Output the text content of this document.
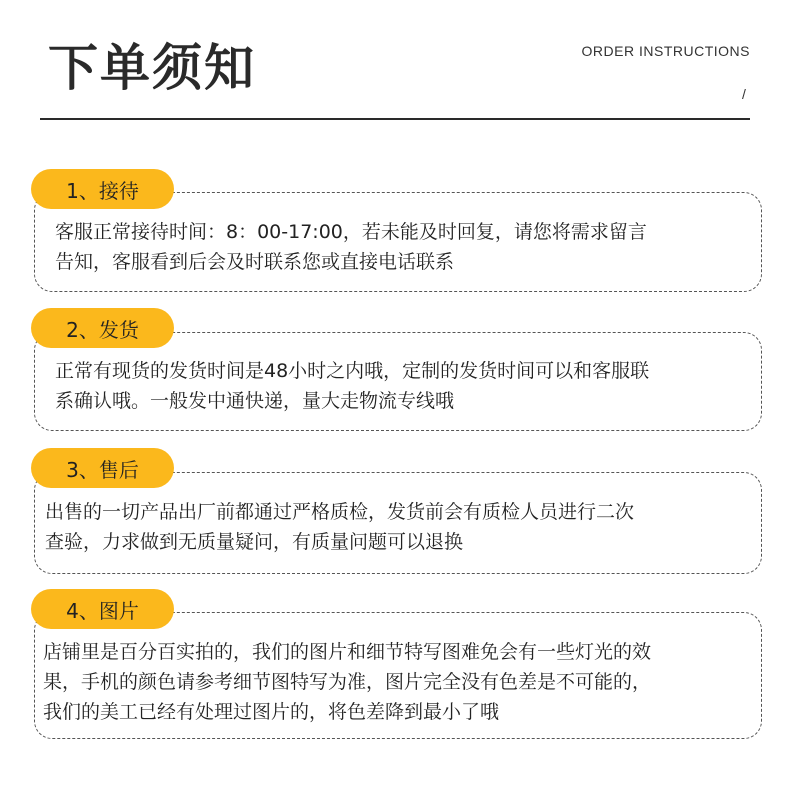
下单须知	ORDER INSTRUCTIONS
/
客服正常接待时间：8：00-17:00，若未能及时回复，请您将需求留言
告知，客服看到后会及时联系您或直接电话联系
1、接待
正常有现货的发货时间是48小时之内哦，定制的发货时间可以和客服联
系确认哦。一般发中通快递，量大走物流专线哦
2、发货
出售的一切产品出厂前都通过严格质检，发货前会有质检人员进行二次
查验，力求做到无质量疑问，有质量问题可以退换
3、售后
店铺里是百分百实拍的，我们的图片和细节特写图难免会有一些灯光的效
果，手机的颜色请参考细节图特写为准，图片完全没有色差是不可能的，
我们的美工已经有处理过图片的，将色差降到最小了哦
4、图片
